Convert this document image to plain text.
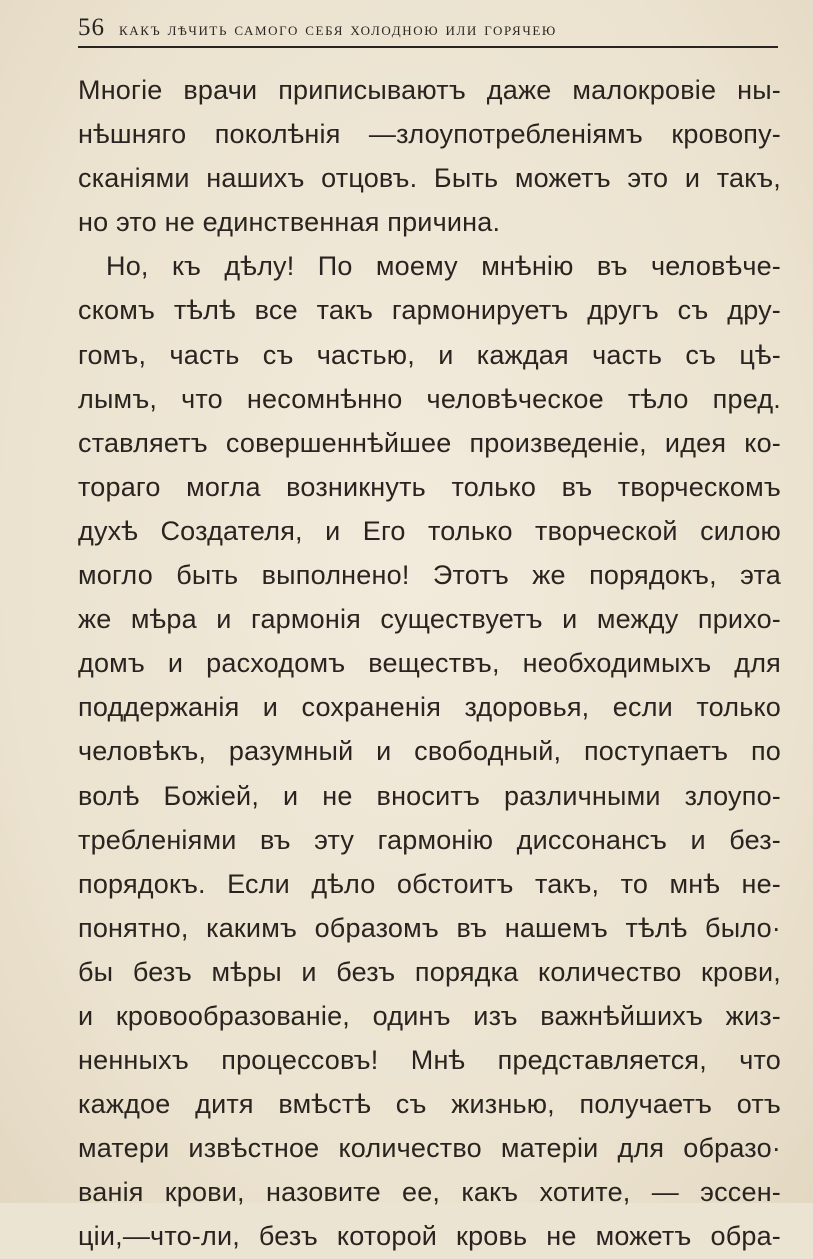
56 какъ лѣчить самого себя холодною или горячею
Многіе врачи приписываютъ даже малокровіе ны-
нѣшняго поколѣнія —злоупотребленіямъ кровопу-
сканіями нашихъ отцовъ. Быть можетъ это и такъ,
но это не единственная причина.
Но, къ дѣлу! По моему мнѣнію въ человѣче-
скомъ тѣлѣ все такъ гармонируетъ другъ съ дру-
гомъ, часть съ частью, и каждая часть съ цѣ-
лымъ, что несомнѣнно человѣческое тѣло пред.
ставляетъ совершеннѣйшее произведеніе, идея ко-
тораго могла возникнуть только въ творческомъ
духѣ Создателя, и Его только творческой силою
могло быть выполнено! Этотъ же порядокъ, эта
же мѣра и гармонія существуетъ и между прихо-
домъ и расходомъ веществъ, необходимыхъ для
поддержанія и сохраненія здоровья, если только
человѣкъ, разумный и свободный, поступаетъ по
волѣ Божіей, и не вноситъ различными злоупо-
требленіями въ эту гармонію диссонансъ и без-
порядокъ. Если дѣло обстоитъ такъ, то мнѣ не-
понятно, какимъ образомъ въ нашемъ тѣлѣ было·
бы безъ мѣры и безъ порядка количество крови,
и кровообразованіе, одинъ изъ важнѣйшихъ жиз-
ненныхъ процессовъ! Мнѣ представляется, что
каждое дитя вмѣстѣ съ жизнью, получаетъ отъ
матери извѣстное количество матеріи для образо·
ванія крови, назовите ее, какъ хотите, — эссен-
ціи,—что-ли, безъ которой кровь не можетъ обра-
